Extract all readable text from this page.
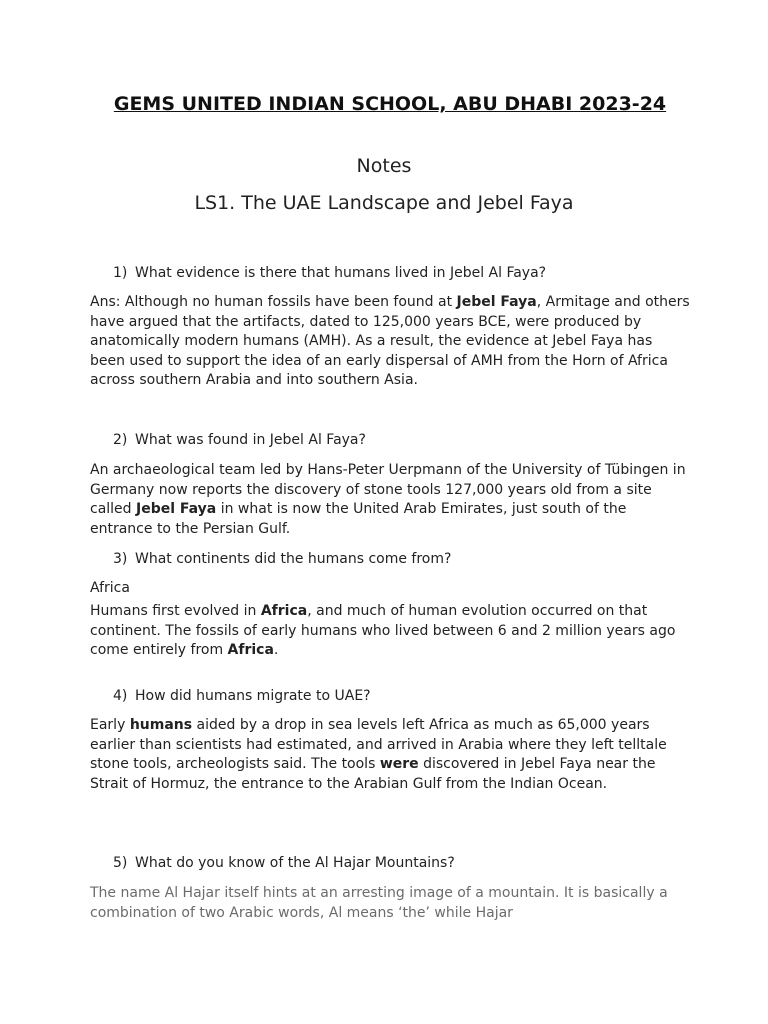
GEMS UNITED INDIAN SCHOOL, ABU DHABI 2023-24
Notes
LS1. The UAE Landscape and Jebel Faya
1) What evidence is there that humans lived in Jebel Al Faya?
Ans: Although no human fossils have been found at Jebel Faya, Armitage and others have argued that the artifacts, dated to 125,000 years BCE, were produced by anatomically modern humans (AMH). As a result, the evidence at Jebel Faya has been used to support the idea of an early dispersal of AMH from the Horn of Africa across southern Arabia and into southern Asia.
2) What was found in Jebel Al Faya?
An archaeological team led by Hans-Peter Uerpmann of the University of Tübingen in Germany now reports the discovery of stone tools 127,000 years old from a site called Jebel Faya in what is now the United Arab Emirates, just south of the entrance to the Persian Gulf.
3) What continents did the humans come from?
Africa
Humans first evolved in Africa, and much of human evolution occurred on that continent. The fossils of early humans who lived between 6 and 2 million years ago come entirely from Africa.
4) How did humans migrate to UAE?
Early humans aided by a drop in sea levels left Africa as much as 65,000 years earlier than scientists had estimated, and arrived in Arabia where they left telltale stone tools, archeologists said. The tools were discovered in Jebel Faya near the Strait of Hormuz, the entrance to the Arabian Gulf from the Indian Ocean.
5) What do you know of the Al Hajar Mountains?
The name Al Hajar itself hints at an arresting image of a mountain. It is basically a combination of two Arabic words, Al means ‘the’ while Hajar
